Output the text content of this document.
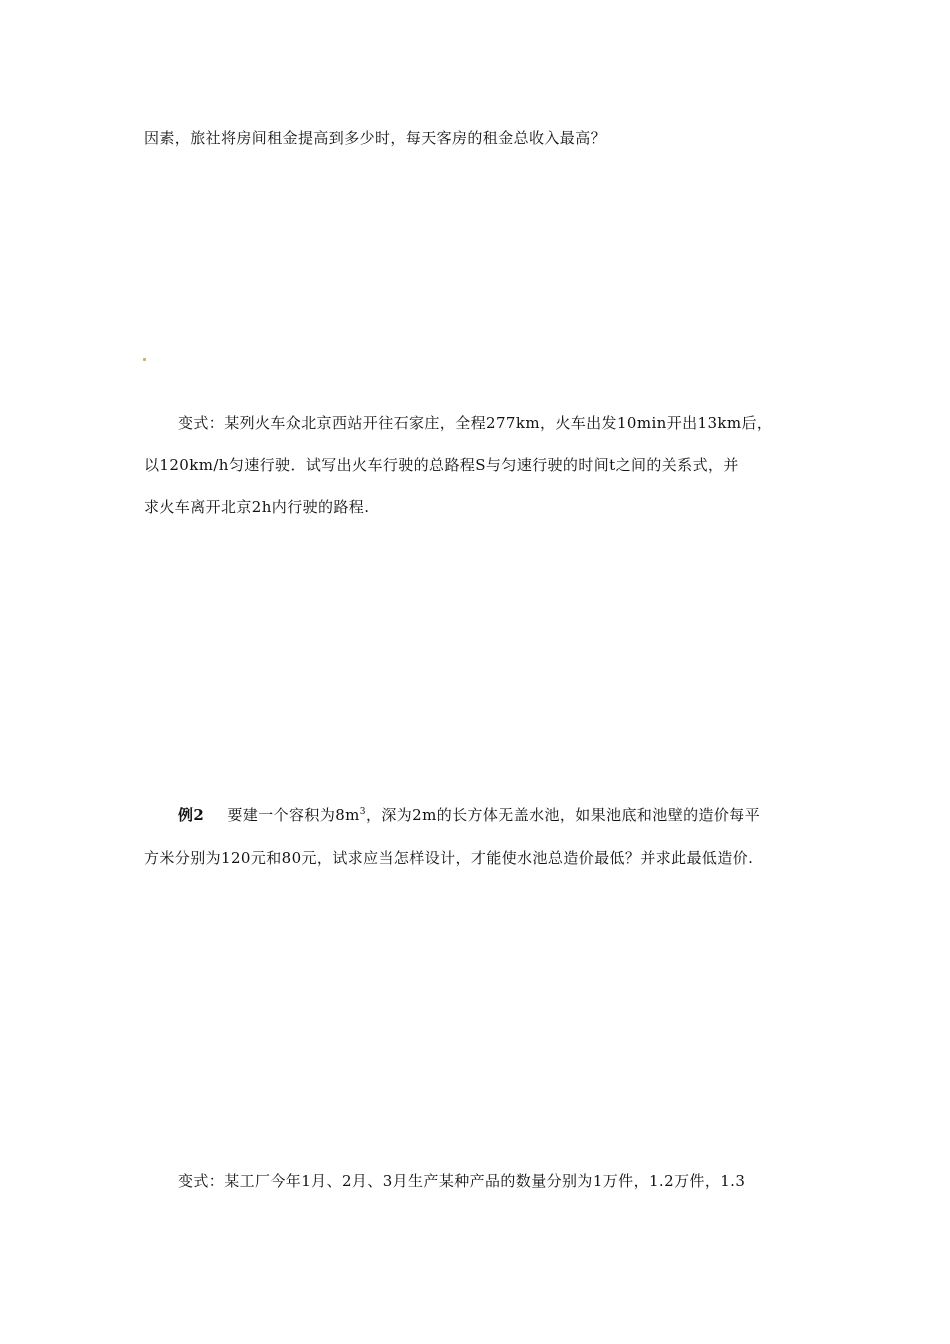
因素，旅社将房间租金提高到多少时，每天客房的租金总收入最高？
变式：某列火车众北京西站开往石家庄，全程277km，火车出发10min开出13km后，
以120km/h匀速行驶．试写出火车行驶的总路程S与匀速行驶的时间t之间的关系式，并
求火车离开北京2h内行驶的路程.
例2 要建一个容积为$8m^3$，深为2m的长方体无盖水池，如果池底和池壁的造价每平
方米分别为120元和80元，试求应当怎样设计，才能使水池总造价最低？并求此最低造价.
变式：某工厂今年1月、2月、3月生产某种产品的数量分别为1万件，1.2万件，1.3
